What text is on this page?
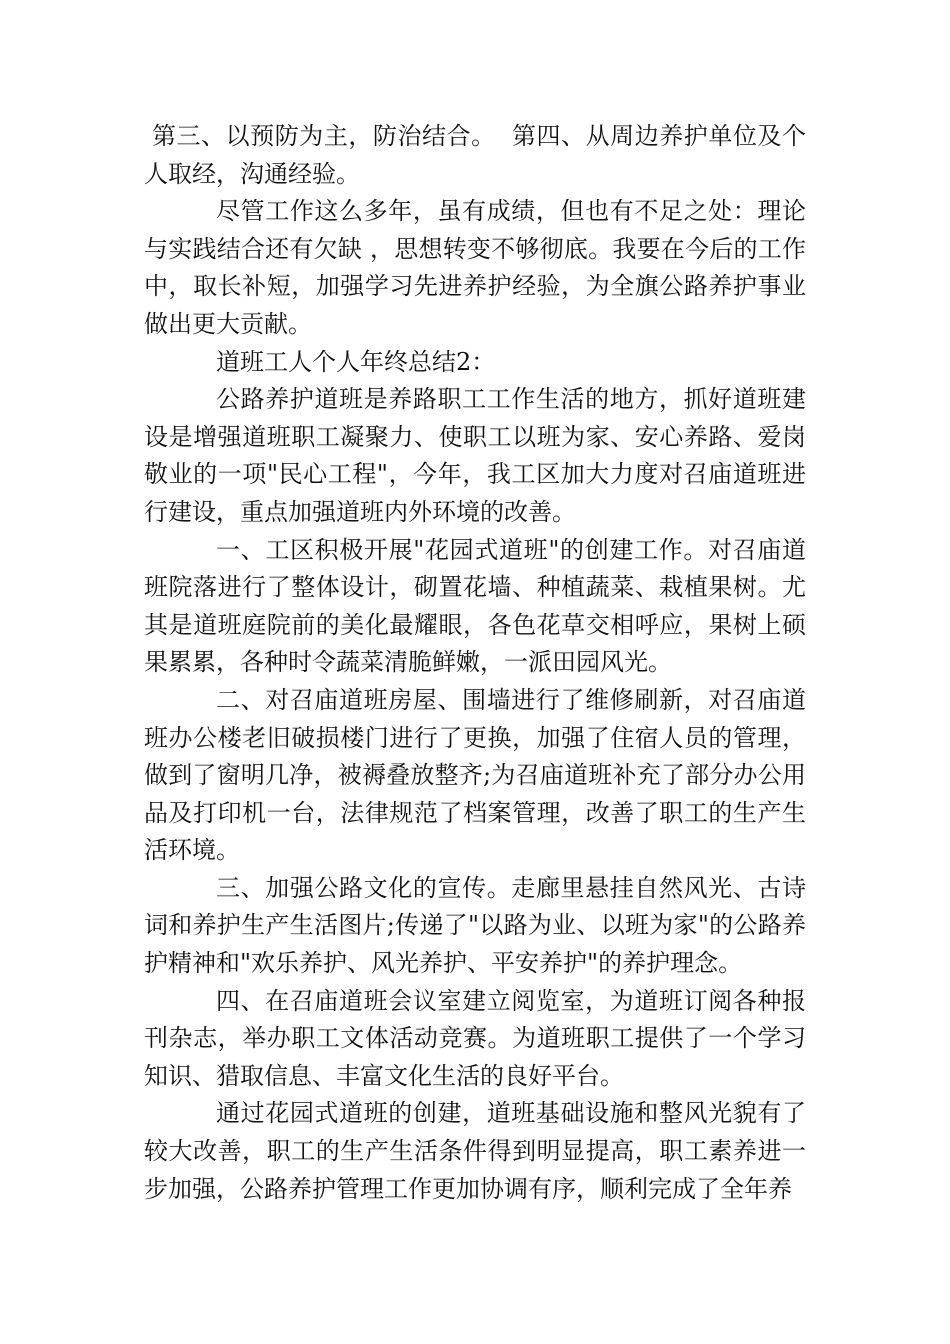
第三、以预防为主，防治结合。  第四、从周边养护单位及个人取经，沟通经验。

尽管工作这么多年，虽有成绩，但也有不足之处：理论与实践结合还有欠缺 ，思想转变不够彻底。我要在今后的工作中，取长补短，加强学习先进养护经验，为全旗公路养护事业做出更大贡献。

道班工人个人年终总结2：

公路养护道班是养路职工工作生活的地方，抓好道班建设是增强道班职工凝聚力、使职工以班为家、安心养路、爱岗敬业的一项"民心工程"，今年，我工区加大力度对召庙道班进行建设，重点加强道班内外环境的改善。

一、工区积极开展"花园式道班"的创建工作。对召庙道班院落进行了整体设计，砌置花墙、种植蔬菜、栽植果树。尤其是道班庭院前的美化最耀眼，各色花草交相呼应，果树上硕果累累，各种时令蔬菜清脆鲜嫩，一派田园风光。

二、对召庙道班房屋、围墙进行了维修刷新，对召庙道班办公楼老旧破损楼门进行了更换，加强了住宿人员的管理，做到了窗明几净，被褥叠放整齐;为召庙道班补充了部分办公用品及打印机一台，法律规范了档案管理，改善了职工的生产生活环境。

三、加强公路文化的宣传。走廊里悬挂自然风光、古诗词和养护生产生活图片;传递了"以路为业、以班为家"的公路养护精神和"欢乐养护、风光养护、平安养护"的养护理念。

四、在召庙道班会议室建立阅览室，为道班订阅各种报刊杂志，举办职工文体活动竞赛。为道班职工提供了一个学习知识、猎取信息、丰富文化生活的良好平台。

通过花园式道班的创建，道班基础设施和整风光貌有了较大改善，职工的生产生活条件得到明显提高，职工素养进一步加强，公路养护管理工作更加协调有序，顺利完成了全年养
